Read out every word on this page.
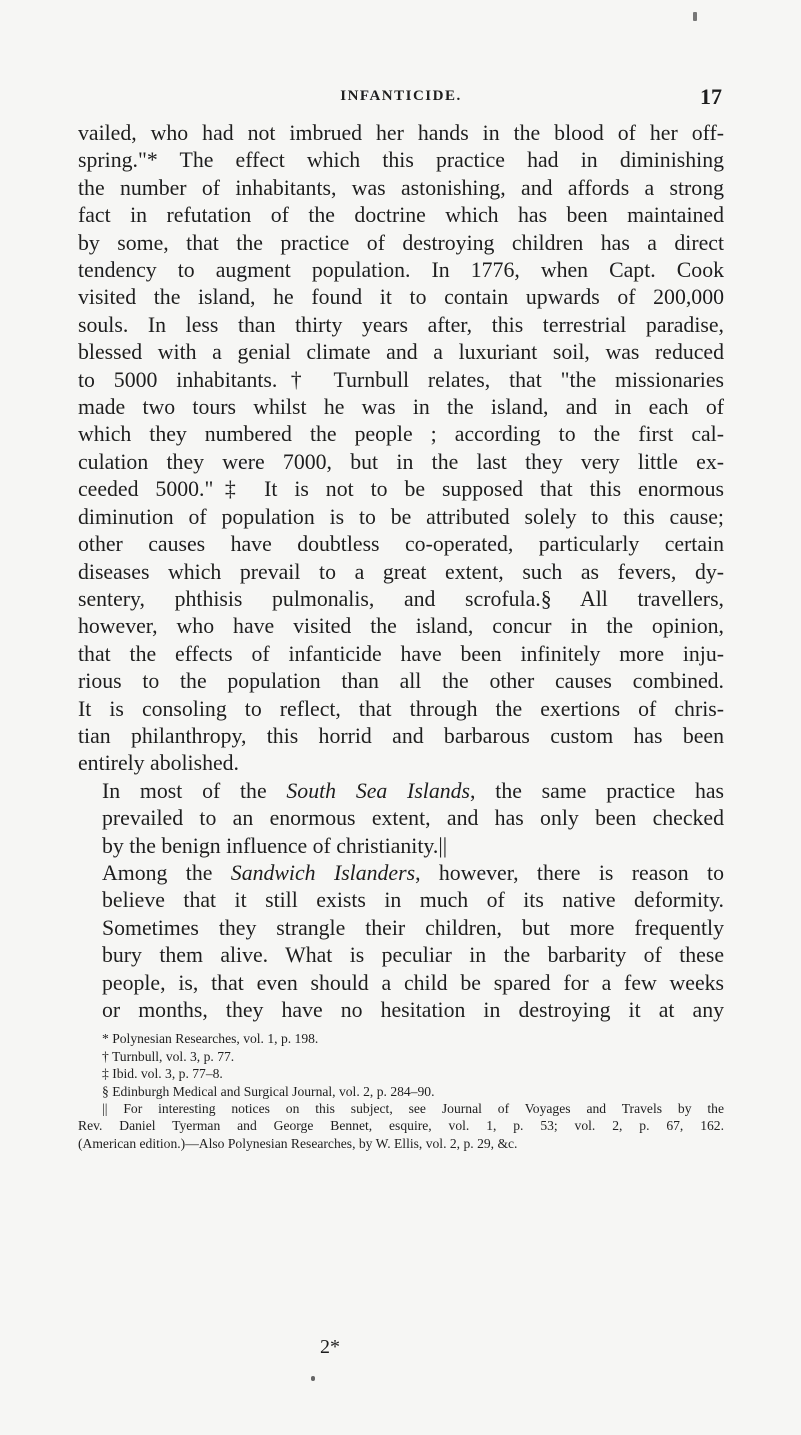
INFANTICIDE.	17

vailed, who had not imbrued her hands in the blood of her off-
spring."* The effect which this practice had in diminishing
the number of inhabitants, was astonishing, and affords a strong
fact in refutation of the doctrine which has been maintained
by some, that the practice of destroying children has a direct
tendency to augment population. In 1776, when Capt. Cook
visited the island, he found it to contain upwards of 200,000
souls. In less than thirty years after, this terrestrial paradise,
blessed with a genial climate and a luxuriant soil, was reduced
to 5000 inhabitants.† Turnbull relates, that "the missionaries
made two tours whilst he was in the island, and in each of
which they numbered the people ; according to the first cal-
culation they were 7000, but in the last they very little ex-
ceeded 5000."‡ It is not to be supposed that this enormous
diminution of population is to be attributed solely to this cause;
other causes have doubtless co-operated, particularly certain
diseases which prevail to a great extent, such as fevers, dy-
sentery, phthisis pulmonalis, and scrofula.§ All travellers,
however, who have visited the island, concur in the opinion,
that the effects of infanticide have been infinitely more inju-
rious to the population than all the other causes combined.
It is consoling to reflect, that through the exertions of chris-
tian philanthropy, this horrid and barbarous custom has been
entirely abolished.

In most of the South Sea Islands, the same practice has
prevailed to an enormous extent, and has only been checked
by the benign influence of christianity.||

Among the Sandwich Islanders, however, there is reason to
believe that it still exists in much of its native deformity.
Sometimes they strangle their children, but more frequently
bury them alive. What is peculiar in the barbarity of these
people, is, that even should a child be spared for a few weeks
or months, they have no hesitation in destroying it at any

* Polynesian Researches, vol. 1, p. 198.
† Turnbull, vol. 3, p. 77.
‡ Ibid. vol. 3, p. 77–8.
§ Edinburgh Medical and Surgical Journal, vol. 2, p. 284–90.
|| For interesting notices on this subject, see Journal of Voyages and Travels by the
Rev. Daniel Tyerman and George Bennet, esquire, vol. 1, p. 53; vol. 2, p. 67, 162.
(American edition.)—Also Polynesian Researches, by W. Ellis, vol. 2, p. 29, &c.
2*
